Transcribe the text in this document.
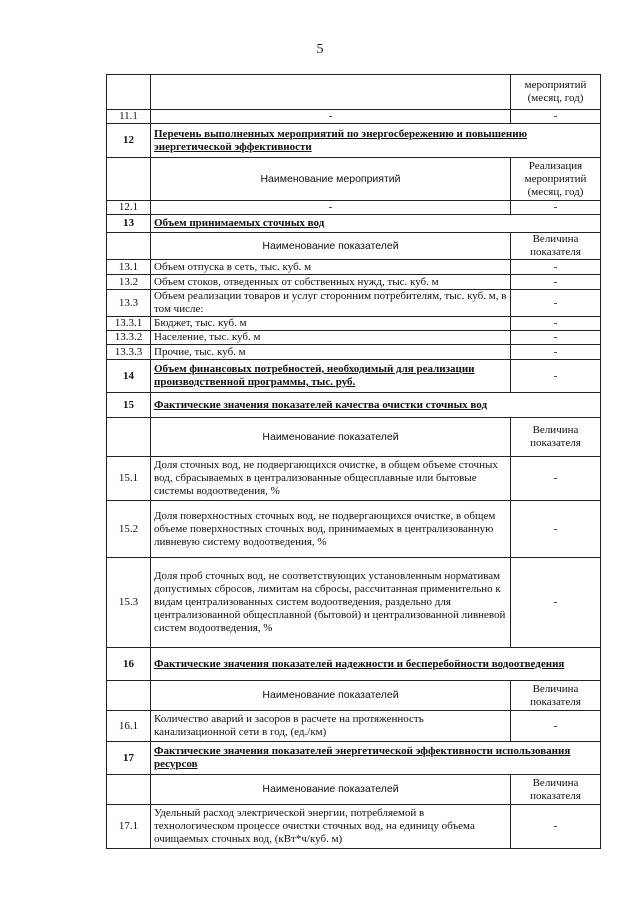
5
		мероприятий (месяц, год)
11.1	-	-
12	Перечень выполненных мероприятий по энергосбережению и повышению энергетической эффективности	
	Наименование мероприятий	Реализация мероприятий (месяц, год)
12.1	-	-
13	Объем принимаемых сточных вод	
	Наименование показателей	Величина показателя
13.1	Объем отпуска в сеть, тыс. куб. м	-
13.2	Объем стоков, отведенных от собственных нужд, тыс. куб. м	-
13.3	Объем реализации товаров и услуг сторонним потребителям, тыс. куб. м, в том числе:	-
13.3.1	Бюджет, тыс. куб. м	-
13.3.2	Население, тыс. куб. м	-
13.3.3	Прочие, тыс. куб. м	-
14	Объем финансовых потребностей, необходимый для реализации производственной программы, тыс. руб.	-
15	Фактические значения показателей качества очистки сточных вод	
	Наименование показателей	Величина показателя
15.1	Доля сточных вод, не подвергающихся очистке, в общем объеме сточных вод, сбрасываемых в централизованные общесплавные или бытовые системы водоотведения, %	-
15.2	Доля поверхностных сточных вод, не подвергающихся очистке, в общем объеме поверхностных сточных вод, принимаемых в централизованную ливневую систему водоотведения, %	-
15.3	Доля проб сточных вод, не соответствующих установленным нормативам допустимых сбросов, лимитам на сбросы, рассчитанная применительно к видам централизованных систем водоотведения, раздельно для централизованной общесплавной (бытовой) и централизованной ливневой систем водоотведения, %	-
16	Фактические значения показателей надежности и бесперебойности водоотведения	
	Наименование показателей	Величина показателя
16.1	Количество аварий и засоров в расчете на протяженность канализационной сети в год, (ед./км)	-
17	Фактические значения показателей энергетической эффективности использования ресурсов	
	Наименование показателей	Величина показателя
17.1	Удельный расход электрической энергии, потребляемой в технологическом процессе очистки сточных вод, на единицу объема очищаемых сточных вод, (кВт*ч/куб. м)	-
